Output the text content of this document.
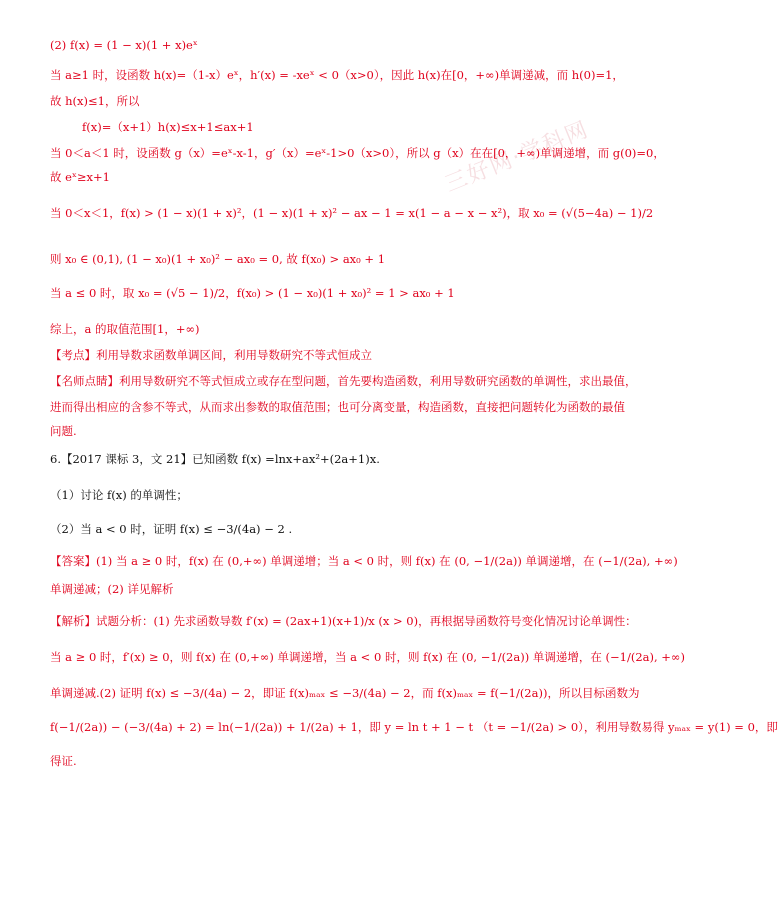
三好网·学科网
(2) f(x) = (1 − x)(1 + x)eˣ
当 a≥1 时，设函数 h(x)=（1-x）eˣ，h′(x) = -xeˣ < 0（x>0），因此 h(x)在[0，+∞)单调递减，而 h(0)=1，
故 h(x)≤1，所以
f(x)=（x+1）h(x)≤x+1≤ax+1
当 0＜a＜1 时，设函数 g（x）=eˣ-x-1，g′（x）=eˣ-1>0（x>0），所以 g（x）在在[0，+∞)单调递增，而 g(0)=0，
故 eˣ≥x+1
当 0＜x＜1，f(x) > (1 − x)(1 + x)²，(1 − x)(1 + x)² − ax − 1 = x(1 − a − x − x²)，取 x₀ = (√(5−4a) − 1)/2
则 x₀ ∈ (0,1), (1 − x₀)(1 + x₀)² − ax₀ = 0, 故 f(x₀) > ax₀ + 1
当 a ≤ 0 时，取 x₀ = (√5 − 1)/2，f(x₀) > (1 − x₀)(1 + x₀)² = 1 > ax₀ + 1
综上，a 的取值范围[1，+∞)
【考点】利用导数求函数单调区间，利用导数研究不等式恒成立
【名师点睛】利用导数研究不等式恒成立或存在型问题，首先要构造函数，利用导数研究函数的单调性，求出最值，
进而得出相应的含参不等式，从而求出参数的取值范围；也可分离变量，构造函数，直接把问题转化为函数的最值
问题.
6.【2017 课标 3，文 21】已知函数 f(x) =lnx+ax²+(2a+1)x.
（1）讨论 f(x) 的单调性；
（2）当 a < 0 时，证明 f(x) ≤ −3/(4a) − 2 .
【答案】(1) 当 a ≥ 0 时，f(x) 在 (0,+∞) 单调递增；当 a < 0 时，则 f(x) 在 (0, −1/(2a)) 单调递增，在 (−1/(2a), +∞)
单调递减；(2) 详见解析
【解析】试题分析：(1) 先求函数导数 f′(x) = (2ax+1)(x+1)/x (x > 0)，再根据导函数符号变化情况讨论单调性：
当 a ≥ 0 时，f′(x) ≥ 0，则 f(x) 在 (0,+∞) 单调递增，当 a < 0 时，则 f(x) 在 (0, −1/(2a)) 单调递增，在 (−1/(2a), +∞)
单调递减.(2) 证明 f(x) ≤ −3/(4a) − 2，即证 f(x)ₘₐₓ ≤ −3/(4a) − 2，而 f(x)ₘₐₓ = f(−1/(2a))，所以目标函数为
f(−1/(2a)) − (−3/(4a) + 2) = ln(−1/(2a)) + 1/(2a) + 1，即 y = ln t + 1 − t （t = −1/(2a) > 0），利用导数易得 yₘₐₓ = y(1) = 0，即
得证.
